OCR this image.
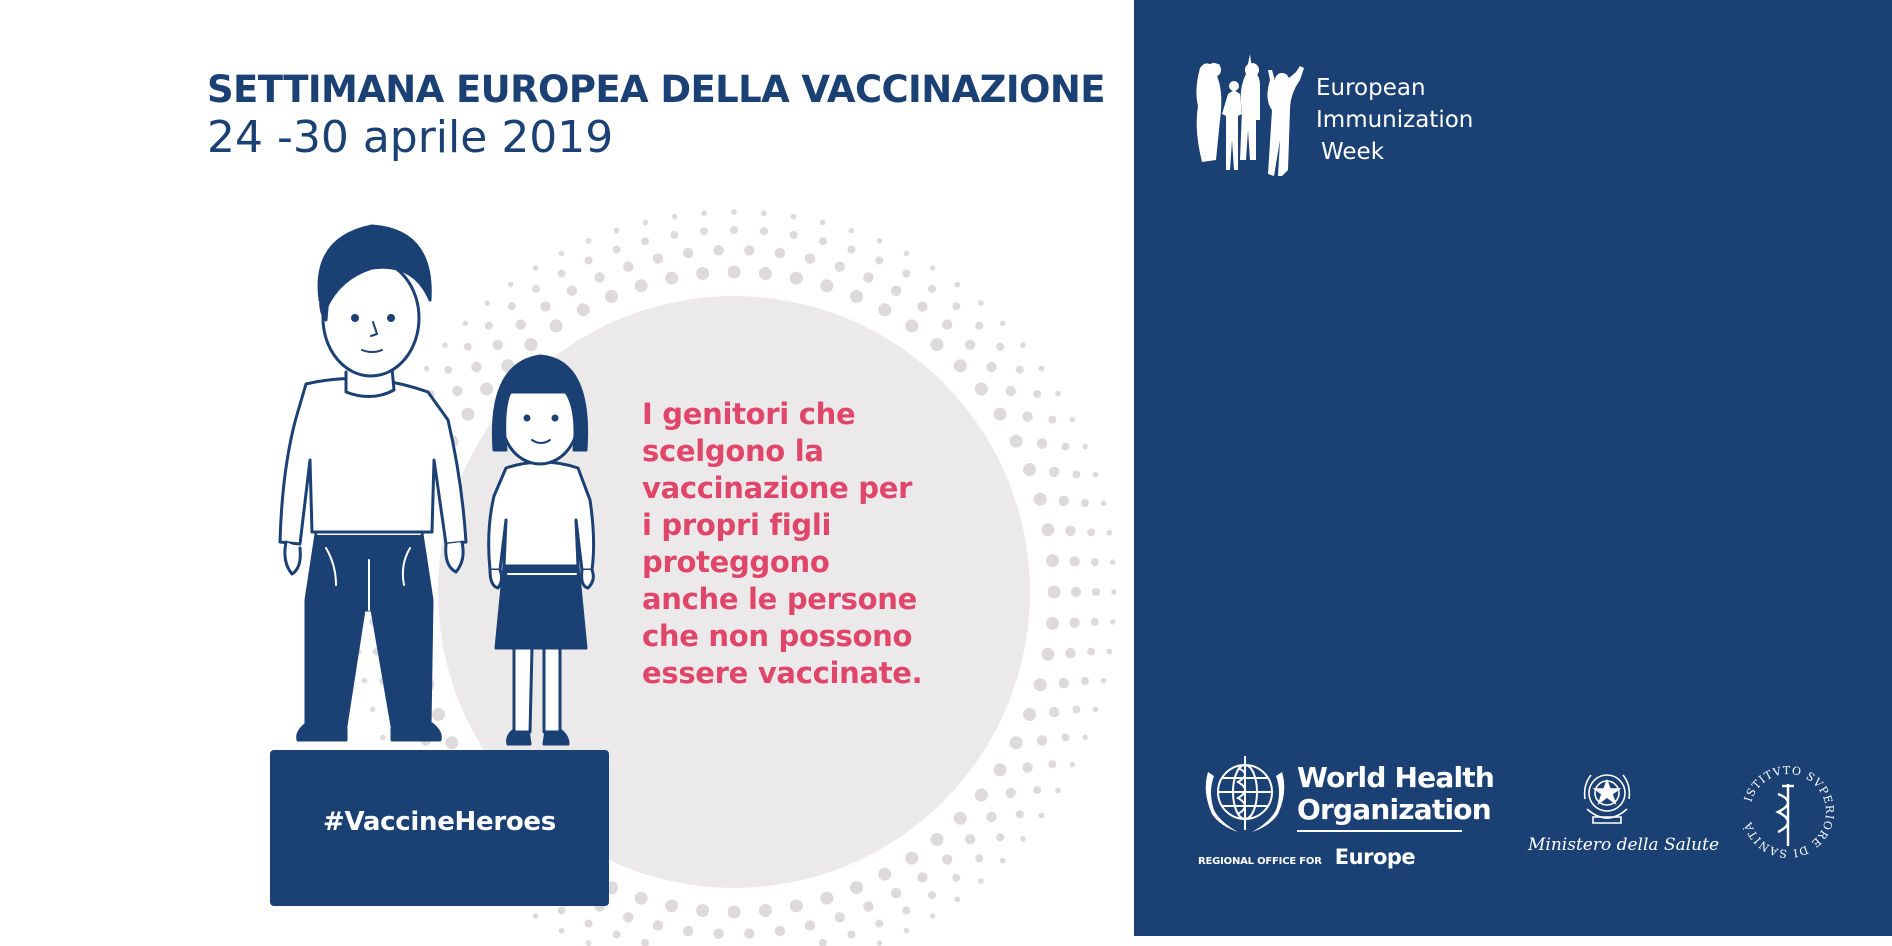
SETTIMANA EUROPEA DELLA VACCINAZIONE
24 -30 aprile 2019
#VaccineHeroes
I genitori che
scelgono la
vaccinazione per
i propri figli
proteggono
anche le persone
che non possono
essere vaccinate.
European
Immunization
Week
World Health
Organization
REGIONAL OFFICE FOR Europe	Ministero della Salute
ISTITVTO SVPERIORE DI SANITÀ
